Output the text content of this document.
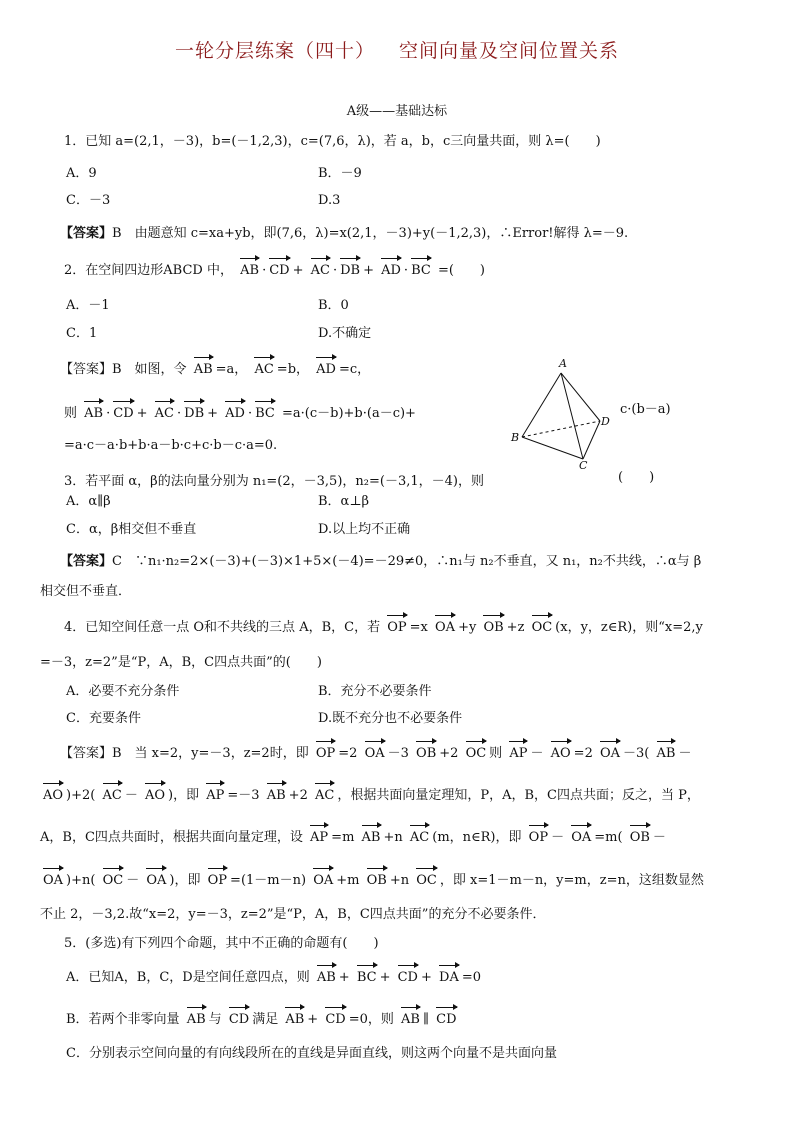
一轮分层练案（四十） 空间向量及空间位置关系
A级——基础达标
1．已知 a=(2,1，－3)，b=(－1,2,3)，c=(7,6，λ)，若 a，b，c三向量共面，则 λ=(　　)
A．9	B．－9
C．－3	D.3
【答案】B　由题意知 c=xa+yb，即(7,6，λ)=x(2,1，－3)+y(－1,2,3)，∴Error!解得 λ=－9.
2．在空间四边形ABCD 中， AB · CD + AC · DB + AD · BC =(　　)
A．－1	B．0
C．1	D.不确定
【答案】B　如图，令 AB =a， AC =b， AD =c，
则 AB · CD + AC · DB + AD · BC =a·(c－b)+b·(a－c)+	c·(b－a)
=a·c－a·b+b·a－b·c+c·b－c·a=0.
A
B
C
D
3．若平面 α，β的法向量分别为 n₁=(2，－3,5)，n₂=(－3,1，－4)，则	(　　)
A．α∥β	B．α⊥β
C．α，β相交但不垂直	D.以上均不正确
【答案】C　∵n₁·n₂=2×(－3)+(－3)×1+5×(－4)=－29≠0，∴n₁与 n₂不垂直，又 n₁，n₂不共线，∴α与 β
相交但不垂直．
4．已知空间任意一点 O和不共线的三点 A，B，C，若 OP =x OA +y OB +z OC (x，y，z∈R)，则“x=2,y
=－3，z=2”是“P，A，B，C四点共面”的(　　)
A．必要不充分条件	B．充分不必要条件
C．充要条件	D.既不充分也不必要条件
【答案】B　当 x=2，y=－3，z=2时，即 OP =2 OA －3 OB +2 OC 则 AP － AO =2 OA －3( AB －
AO )+2( AC － AO )，即 AP =－3 AB +2 AC ，根据共面向量定理知，P，A，B，C四点共面；反之，当 P，
A，B，C四点共面时，根据共面向量定理，设 AP =m AB +n AC (m，n∈R)，即 OP － OA =m( OB －
OA )+n( OC － OA )，即 OP =(1－m－n) OA +m OB +n OC ，即 x=1－m－n，y=m，z=n，这组数显然
不止 2，－3,2.故“x=2，y=－3，z=2”是“P，A，B，C四点共面”的充分不必要条件．
5．(多选)有下列四个命题，其中不正确的命题有(　　)
A．已知A，B，C，D是空间任意四点，则 AB + BC + CD + DA =0
B．若两个非零向量 AB 与 CD 满足 AB + CD =0，则 AB ∥ CD
C．分别表示空间向量的有向线段所在的直线是异面直线，则这两个向量不是共面向量
